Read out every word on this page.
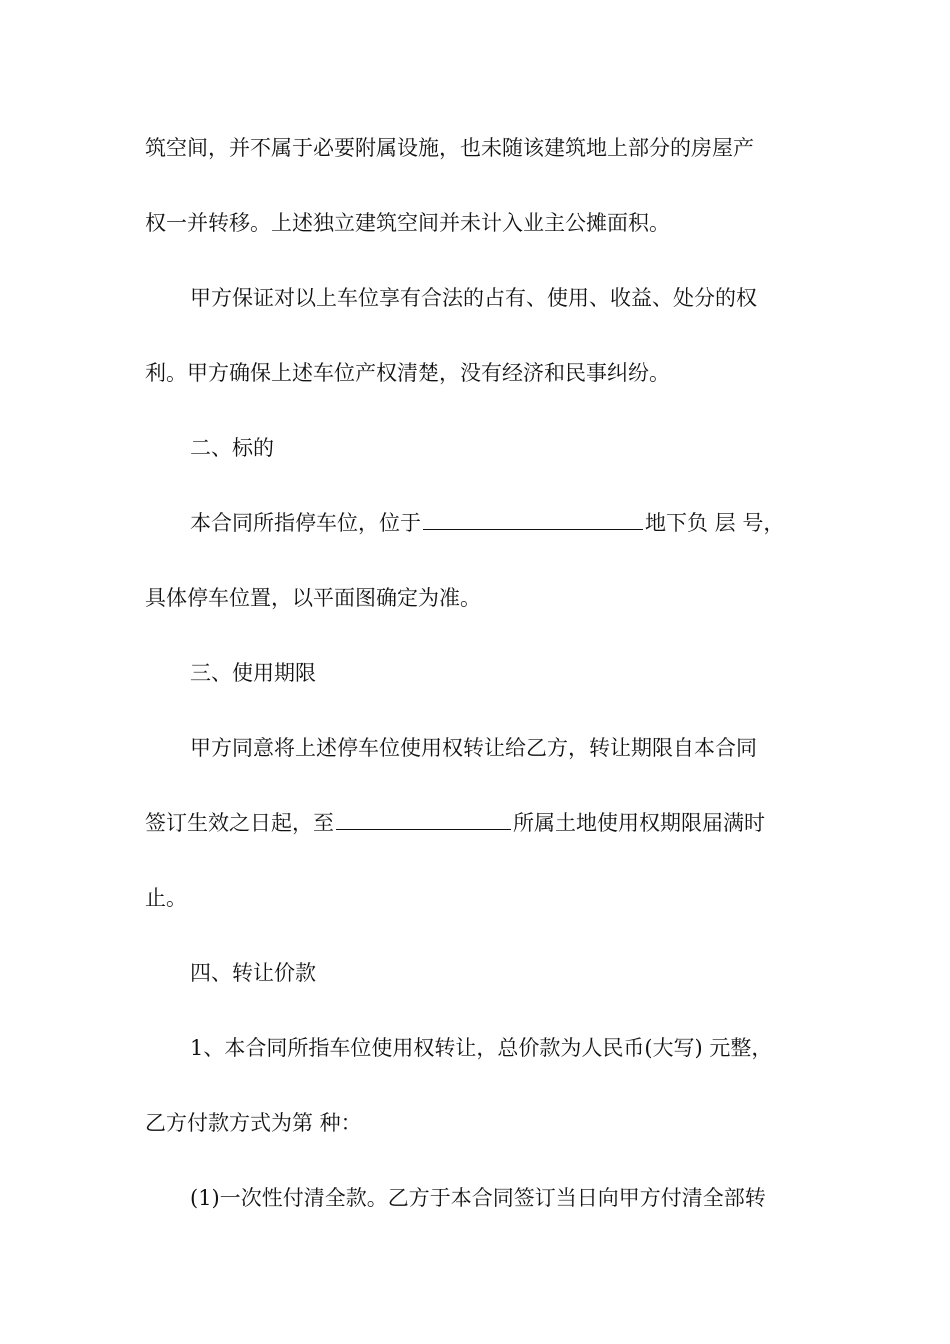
筑空间，并不属于必要附属设施，也未随该建筑地上部分的房屋产
权一并转移。上述独立建筑空间并未计入业主公摊面积。
甲方保证对以上车位享有合法的占有、使用、收益、处分的权
利。甲方确保上述车位产权清楚，没有经济和民事纠纷。
二、标的
本合同所指停车位，位于	地下负 层 号，
具体停车位置，以平面图确定为准。
三、使用期限
甲方同意将上述停车位使用权转让给乙方，转让期限自本合同
签订生效之日起，至	所属土地使用权期限届满时
止。
四、转让价款
1、本合同所指车位使用权转让，总价款为人民币(大写) 元整，
乙方付款方式为第 种：
(1)一次性付清全款。乙方于本合同签订当日向甲方付清全部转
